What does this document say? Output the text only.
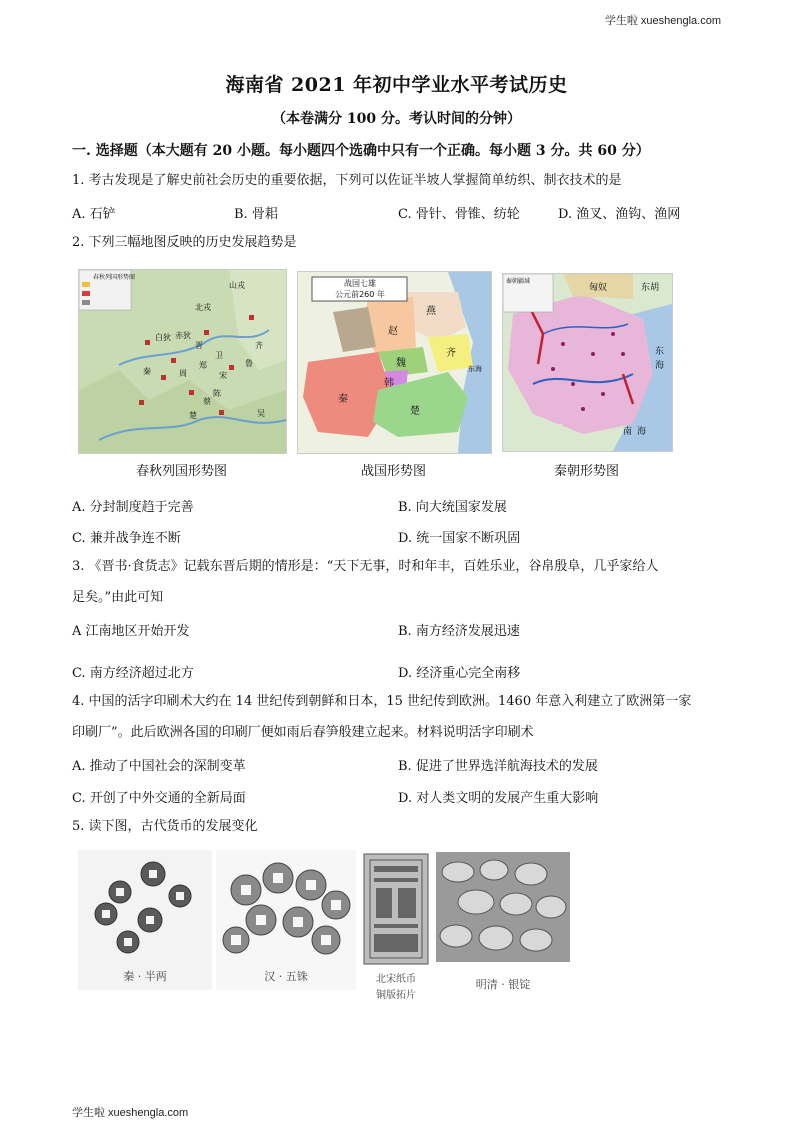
学生啦 xueshengla.com
学生啦 xueshengla.com
海南省 2021 年初中学业水平考试历史
（本卷满分 100 分。考认时间的分钟）
一. 选择题（本大题有 20 小题。每小题四个选确中只有一个正确。每小题 3 分。共 60 分）
1. 考古发现是了解史前社会历史的重要依据，下列可以佐证半坡人掌握简单纺织、制衣技术的是
A. 石铲	B. 骨耜	C. 骨针、骨锥、纺轮	D. 渔叉、渔钩、渔网
2. 下列三幅地图反映的历史发展趋势是
春秋列国形势图
山戎
北戎
白狄 赤狄
晋
秦	周	宋
齐
鲁
楚
郑
卫
陈
蔡
吴
春秋列国形势图
战国七雄
公元前260 年
燕
赵
齐
魏
韩
秦
楚
东海
战国形势图
秦朝疆域
匈奴	东胡
东
海
南 海
秦朝形势图
A. 分封制度趋于完善	B. 向大统国家发展
C. 兼并战争连不断	D. 统一国家不断巩固
3. 《晋书·食货志》记载东晋后期的情形是：“天下无事，时和年丰，百姓乐业，谷帛殷阜，几乎家给人
足矣。”由此可知
A 江南地区开始开发	B. 南方经济发展迅速
C. 南方经济超过北方	D. 经济重心完全南移
4. 中国的活字印刷术大约在 14 世纪传到朝鲜和日本，15 世纪传到欧洲。1460 年意入利建立了欧洲第一家
印刷厂”。此后欧洲各国的印刷厂便如雨后春笋般建立起来。材料说明活字印刷术
A. 推动了中国社会的深制变革	B. 促进了世界选洋航海技术的发展
C. 开创了中外交通的全新局面	D. 对人类文明的发展产生重大影响
5. 读下图，古代货币的发展变化
秦 · 半两	汉 · 五铢	北宋纸币
铜版拓片
明清 · 银锭
